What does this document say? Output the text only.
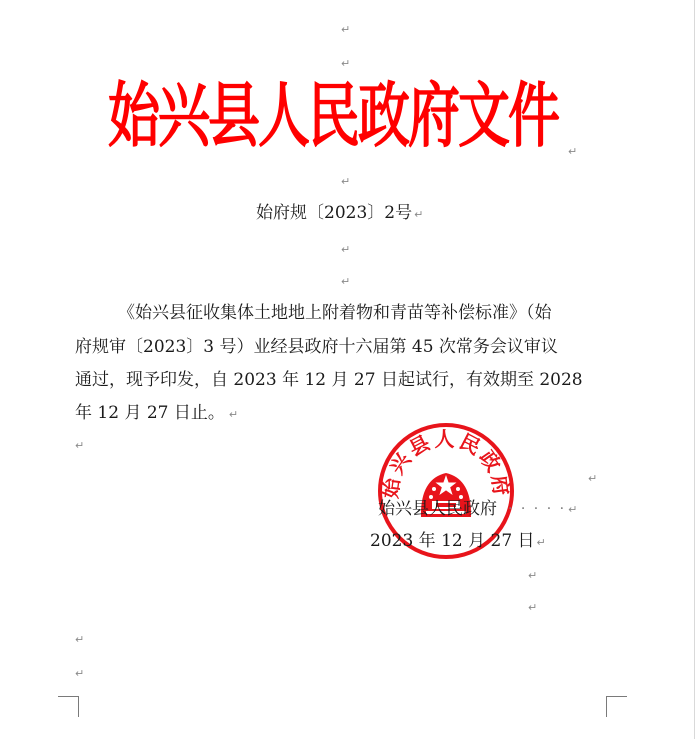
↵
↵
↵
↵
↵
↵
↵
↵
↵
↵
↵
↵
始兴县人民政府文件
始府规〔2023〕2号 ↵
《始兴县征收集体土地地上附着物和青苗等补偿标准》（始
府规审〔2023〕3 号）业经县政府十六届第 45 次常务会议审议
通过，现予印发，自 2023 年 12 月 27 日起试行，有效期至 2028
年 12 月 27 日止。 ↵
始兴县人民政府
始兴县人民政府 · · · · · ↵
2023 年 12 月 27 日 ↵
